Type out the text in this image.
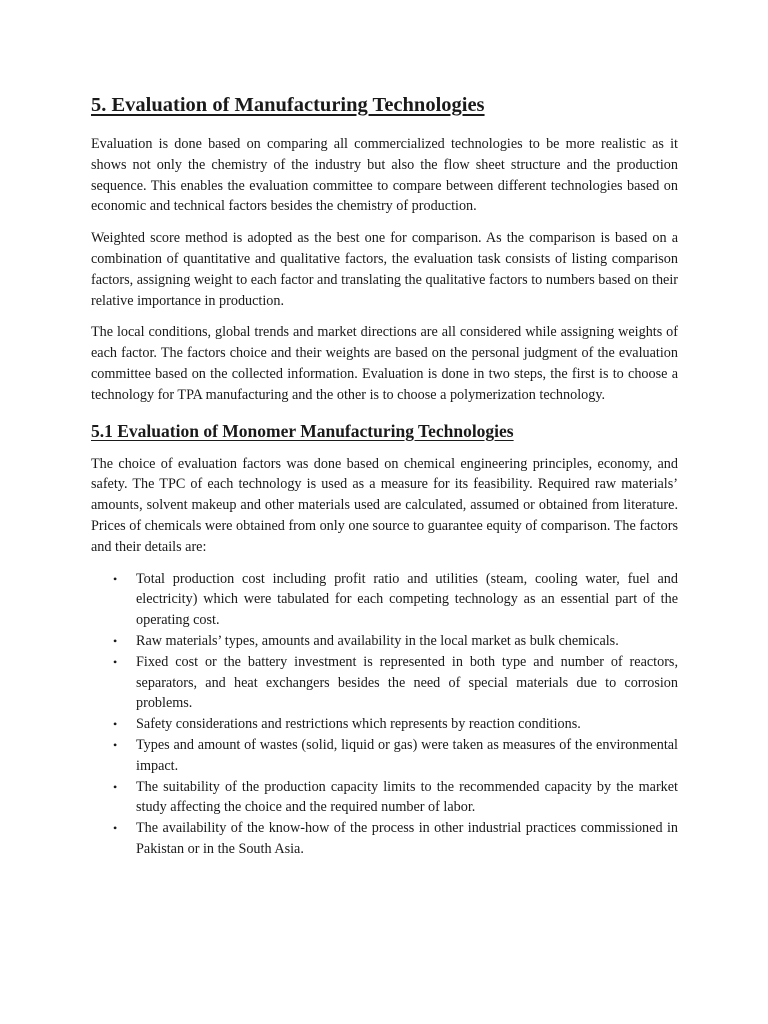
5. Evaluation of Manufacturing Technologies

Evaluation is done based on comparing all commercialized technologies to be more realistic as it shows not only the chemistry of the industry but also the flow sheet structure and the production sequence. This enables the evaluation committee to compare between different technologies based on economic and technical factors besides the chemistry of production.

Weighted score method is adopted as the best one for comparison. As the comparison is based on a combination of quantitative and qualitative factors, the evaluation task consists of listing comparison factors, assigning weight to each factor and translating the qualitative factors to numbers based on their relative importance in production.

The local conditions, global trends and market directions are all considered while assigning weights of each factor. The factors choice and their weights are based on the personal judgment of the evaluation committee based on the collected information. Evaluation is done in two steps, the first is to choose a technology for TPA manufacturing and the other is to choose a polymerization technology.

5.1 Evaluation of Monomer Manufacturing Technologies

The choice of evaluation factors was done based on chemical engineering principles, economy, and safety. The TPC of each technology is used as a measure for its feasibility. Required raw materials’ amounts, solvent makeup and other materials used are calculated, assumed or obtained from literature. Prices of chemicals were obtained from only one source to guarantee equity of comparison. The factors and their details are:

• Total production cost including profit ratio and utilities (steam, cooling water, fuel and electricity) which were tabulated for each competing technology as an essential part of the operating cost.
• Raw materials’ types, amounts and availability in the local market as bulk chemicals.
• Fixed cost or the battery investment is represented in both type and number of reactors, separators, and heat exchangers besides the need of special materials due to corrosion problems.
• Safety considerations and restrictions which represents by reaction conditions.
• Types and amount of wastes (solid, liquid or gas) were taken as measures of the environmental impact.
• The suitability of the production capacity limits to the recommended capacity by the market study affecting the choice and the required number of labor.
• The availability of the know-how of the process in other industrial practices commissioned in Pakistan or in the South Asia.
